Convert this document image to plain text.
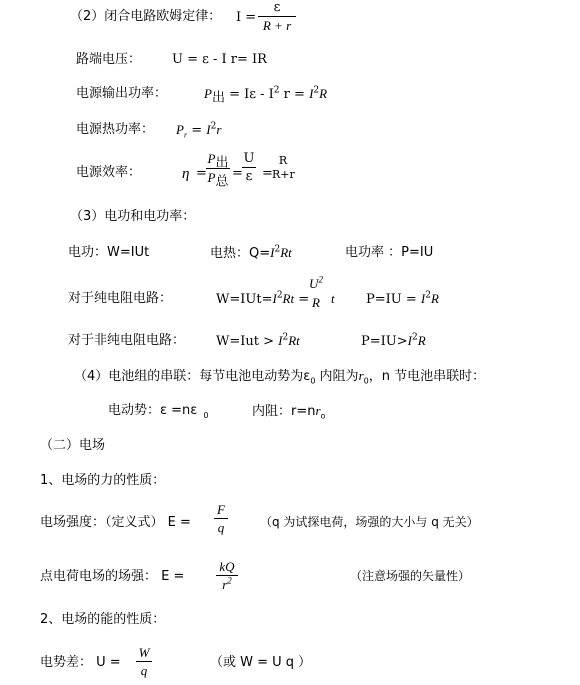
（2）闭合电路欧姆定律： I =
ε
R + r
路端电压： U = ε - I r= IR
电源输出功率：	$P_出 = I\varepsilon - I^2$ $r = I^2R$
电源热功率： $P_r = I^2r$
电源效率：	η =
$P_出$
$P_总$
=
U
ε =
R
R+r
（3）电功和电功率：
电功：W=IUt	电热：$Q=I^2Rt$	电功率 ：P=IU
对于纯电阻电路：	$W=IUt=I^2Rt$ =
$U^2$
R t $P=IU = I^2R$
对于非纯电阻电路： $W=Iut > I^2Rt$	$P=IU>I^2R$
（4）电池组的串联：每节电池电动势为$\varepsilon_0$ 内阻为$r_0$，n 节电池串联时：
电动势：ε =nε $_0$	内阻：$r=nr_o$
（二）电场
1、电场的力的性质：
电场强度：（定义式） E =
F
q	（q 为试探电荷，场强的大小与 q 无关）
点电荷电场的场强： E =
kQ
$r^2$	（注意场强的矢量性）
2、电场的能的性质：
电势差： U =
W
q
（或 W = U q ）
